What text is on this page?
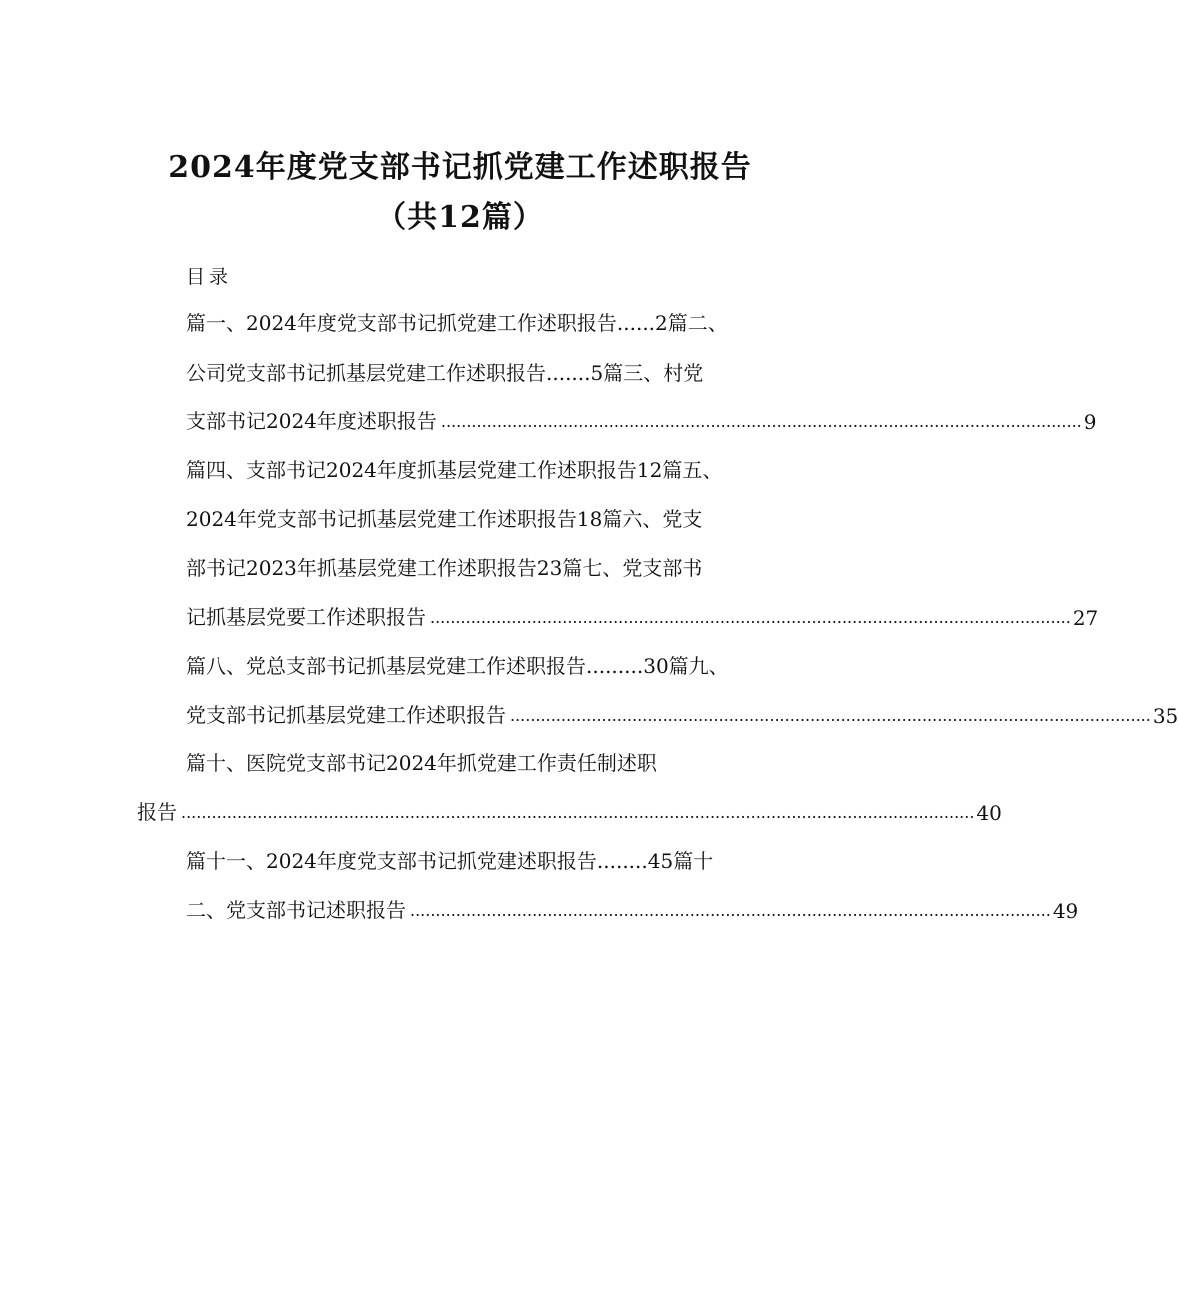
2024年度党支部书记抓党建工作述职报告
（共12篇）
目录
篇一、2024年度党支部书记抓党建工作述职报告......2篇二、
公司党支部书记抓基层党建工作述职报告.......5篇三、村党
支部书记2024年度述职报告 .............................................................................................................................. 9
篇四、支部书记2024年度抓基层党建工作述职报告12篇五、
2024年党支部书记抓基层党建工作述职报告18篇六、党支
部书记2023年抓基层党建工作述职报告23篇七、党支部书
记抓基层党要工作述职报告 .............................................................................................................................. 27
篇八、党总支部书记抓基层党建工作述职报告.........30篇九、
党支部书记抓基层党建工作述职报告 .............................................................................................................................. 35
篇十、医院党支部书记2024年抓党建工作责任制述职
报告 ............................................................................................................................................................ 40
篇十一、2024年度党支部书记抓党建述职报告........45篇十
二、党支部书记述职报告 .............................................................................................................................. 49
